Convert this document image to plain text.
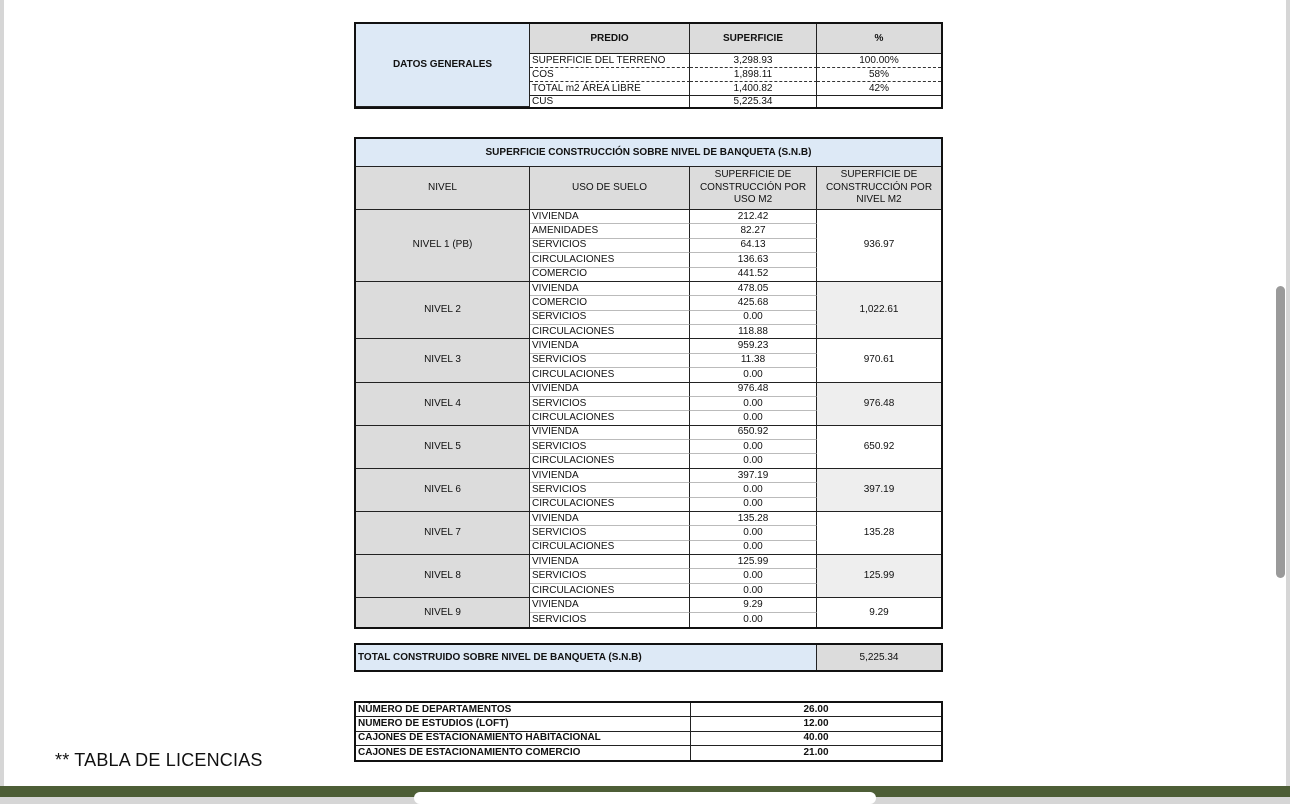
DATOS GENERALES
PREDIO	SUPERFICIE	%
SUPERFICIE DEL TERRENO	3,298.93	100.00%
COS	1,898.11	58%
TOTAL m2 ÁREA LIBRE	1,400.82	42%
CUS	5,225.34
SUPERFICIE CONSTRUCCIÓN SOBRE NIVEL DE BANQUETA (S.N.B)
NIVEL	USO DE SUELO
SUPERFICIE DE CONSTRUCCIÓN POR USO M2
SUPERFICIE DE CONSTRUCCIÓN POR NIVEL M2
NIVEL 1 (PB)
VIVIENDA	212.42
AMENIDADES	82.27
SERVICIOS	64.13
CIRCULACIONES	136.63
COMERCIO	441.52
936.97
NIVEL 2
VIVIENDA	478.05
COMERCIO	425.68
SERVICIOS	0.00
CIRCULACIONES	118.88
1,022.61
NIVEL 3
VIVIENDA	959.23
SERVICIOS	11.38
CIRCULACIONES	0.00
970.61
NIVEL 4
VIVIENDA	976.48
SERVICIOS	0.00
CIRCULACIONES	0.00
976.48
NIVEL 5
VIVIENDA	650.92
SERVICIOS	0.00
CIRCULACIONES	0.00
650.92
NIVEL 6
VIVIENDA	397.19
SERVICIOS	0.00
CIRCULACIONES	0.00
397.19
NIVEL 7
VIVIENDA	135.28
SERVICIOS	0.00
CIRCULACIONES	0.00
135.28
NIVEL 8
VIVIENDA	125.99
SERVICIOS	0.00
CIRCULACIONES	0.00
125.99
NIVEL 9
VIVIENDA	9.29
SERVICIOS	0.00
9.29
TOTAL CONSTRUIDO SOBRE NIVEL DE BANQUETA (S.N.B)	5,225.34
NÚMERO DE DEPARTAMENTOS	26.00
NUMERO DE ESTUDIOS (LOFT)	12.00
CAJONES DE ESTACIONAMIENTO HABITACIONAL	40.00
CAJONES DE ESTACIONAMIENTO COMERCIO	21.00
** TABLA DE LICENCIAS
